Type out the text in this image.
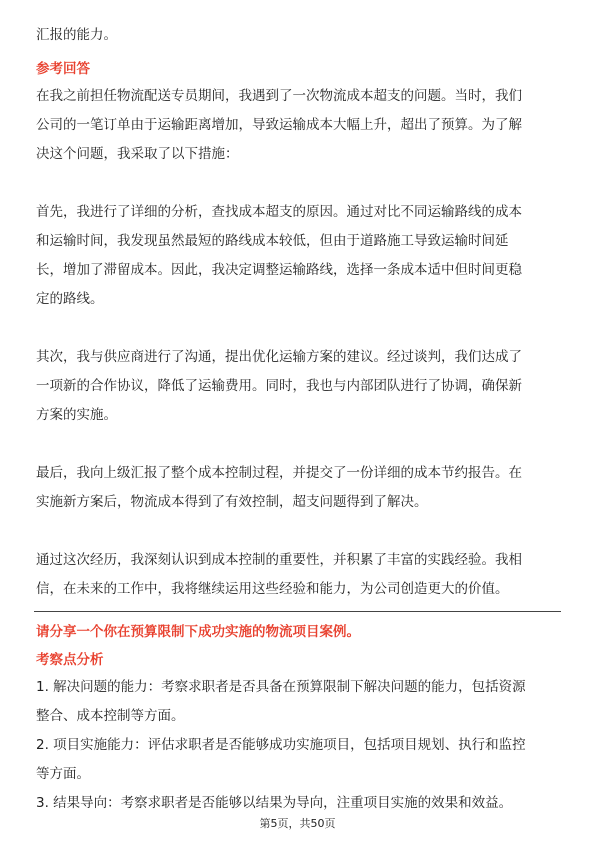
汇报的能力。
参考回答
在我之前担任物流配送专员期间，我遇到了一次物流成本超支的问题。当时，我们
公司的一笔订单由于运输距离增加，导致运输成本大幅上升，超出了预算。为了解
决这个问题，我采取了以下措施：
首先，我进行了详细的分析，查找成本超支的原因。通过对比不同运输路线的成本
和运输时间，我发现虽然最短的路线成本较低，但由于道路施工导致运输时间延
长，增加了滞留成本。因此，我决定调整运输路线，选择一条成本适中但时间更稳
定的路线。
其次，我与供应商进行了沟通，提出优化运输方案的建议。经过谈判，我们达成了
一项新的合作协议，降低了运输费用。同时，我也与内部团队进行了协调，确保新
方案的实施。
最后，我向上级汇报了整个成本控制过程，并提交了一份详细的成本节约报告。在
实施新方案后，物流成本得到了有效控制，超支问题得到了解决。
通过这次经历，我深刻认识到成本控制的重要性，并积累了丰富的实践经验。我相
信，在未来的工作中，我将继续运用这些经验和能力，为公司创造更大的价值。
请分享一个你在预算限制下成功实施的物流项目案例。
考察点分析
1. 解决问题的能力：考察求职者是否具备在预算限制下解决问题的能力，包括资源
整合、成本控制等方面。
2. 项目实施能力：评估求职者是否能够成功实施项目，包括项目规划、执行和监控
等方面。
3. 结果导向：考察求职者是否能够以结果为导向，注重项目实施的效果和效益。
第5页，共50页
